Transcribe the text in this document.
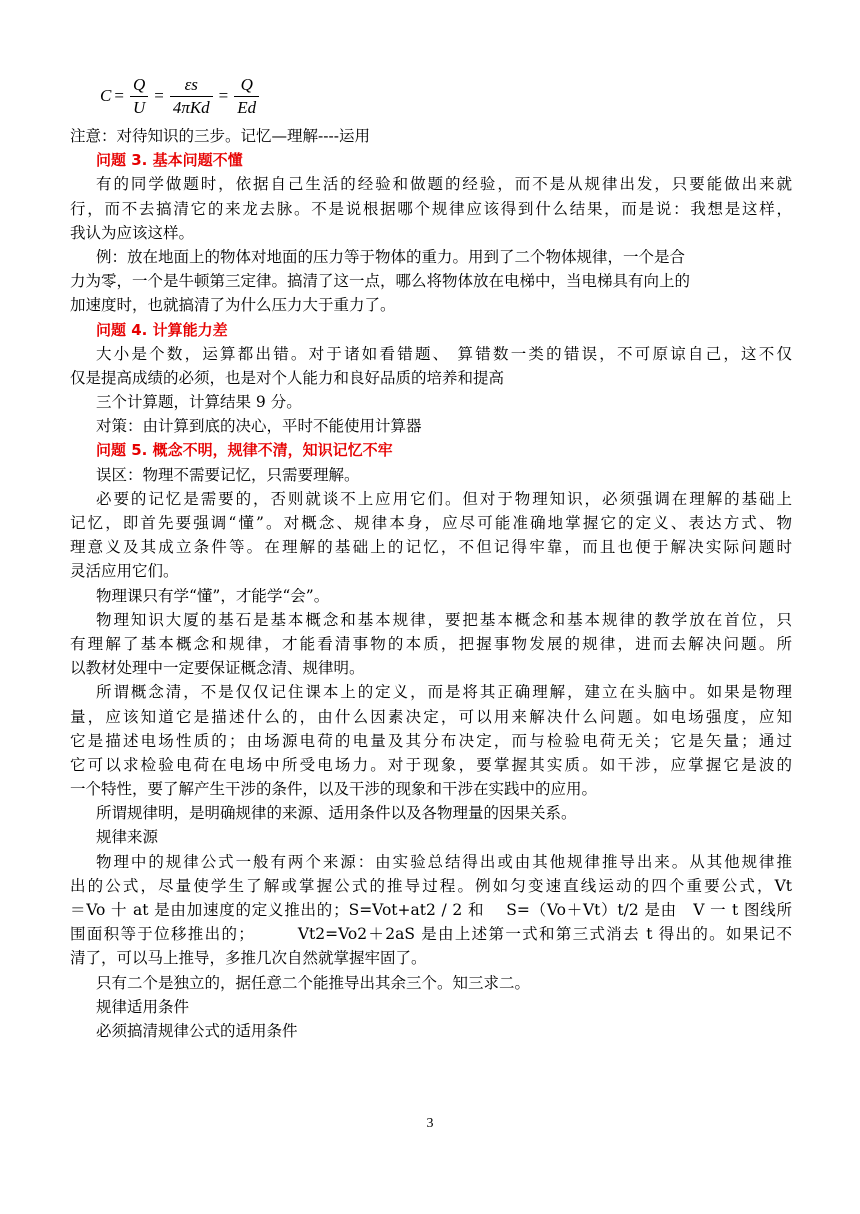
$C = \frac{Q}{U} = \frac{\varepsilon s}{\text{4πKd}} = \frac{Q}{Ed}$
注意：对待知识的三步。记忆—理解----运用
问题 3. 基本问题不懂
有的同学做题时，依据自己生活的经验和做题的经验，而不是从规律出发，只要能做出来就
行，而不去搞清它的来龙去脉。不是说根据哪个规律应该得到什么结果，而是说：我想是这样，
我认为应该这样。
例：放在地面上的物体对地面的压力等于物体的重力。用到了二个物体规律，一个是合
力为零，一个是牛顿第三定律。搞清了这一点，哪么将物体放在电梯中，当电梯具有向上的
加速度时，也就搞清了为什么压力大于重力了。
问题 4. 计算能力差
大小是个数，运算都出错。对于诸如看错题、 算错数一类的错误，不可原谅自己，这不仅
仅是提高成绩的必须，也是对个人能力和良好品质的培养和提高
三个计算题，计算结果 9 分。
对策：由计算到底的决心，平时不能使用计算器
问题 5. 概念不明，规律不清，知识记忆不牢
误区：物理不需要记忆，只需要理解。
必要的记忆是需要的，否则就谈不上应用它们。但对于物理知识，必须强调在理解的基础上
记忆，即首先要强调“懂”。对概念、规律本身，应尽可能准确地掌握它的定义、表达方式、物
理意义及其成立条件等。在理解的基础上的记忆，不但记得牢靠，而且也便于解决实际问题时
灵活应用它们。
物理课只有学“懂”，才能学“会”。
物理知识大厦的基石是基本概念和基本规律，要把基本概念和基本规律的教学放在首位，只
有理解了基本概念和规律，才能看清事物的本质，把握事物发展的规律，进而去解决问题。所
以教材处理中一定要保证概念清、规律明。
所谓概念清，不是仅仅记住课本上的定义，而是将其正确理解，建立在头脑中。如果是物理
量，应该知道它是描述什么的，由什么因素决定，可以用来解决什么问题。如电场强度，应知
它是描述电场性质的；由场源电荷的电量及其分布决定，而与检验电荷无关；它是矢量；通过
它可以求检验电荷在电场中所受电场力。对于现象，要掌握其实质。如干涉，应掌握它是波的
一个特性，要了解产生干涉的条件，以及干涉的现象和干涉在实践中的应用。
所谓规律明，是明确规律的来源、适用条件以及各物理量的因果关系。
规律来源
物理中的规律公式一般有两个来源：由实验总结得出或由其他规律推导出来。从其他规律推
出的公式，尽量使学生了解或掌握公式的推导过程。例如匀变速直线运动的四个重要公式，Vt
＝Vo 十 at 是由加速度的定义推出的；S=Vot+at2 / 2 和 　S=（Vo＋Vt）t/2 是由　V 一 t 图线所
围面积等于位移推出的；　　　Vt2=Vo2＋2aS 是由上述第一式和第三式消去 t 得出的。如果记不
清了，可以马上推导，多推几次自然就掌握牢固了。
只有二个是独立的，据任意二个能推导出其余三个。知三求二。
规律适用条件
必须搞清规律公式的适用条件
3
